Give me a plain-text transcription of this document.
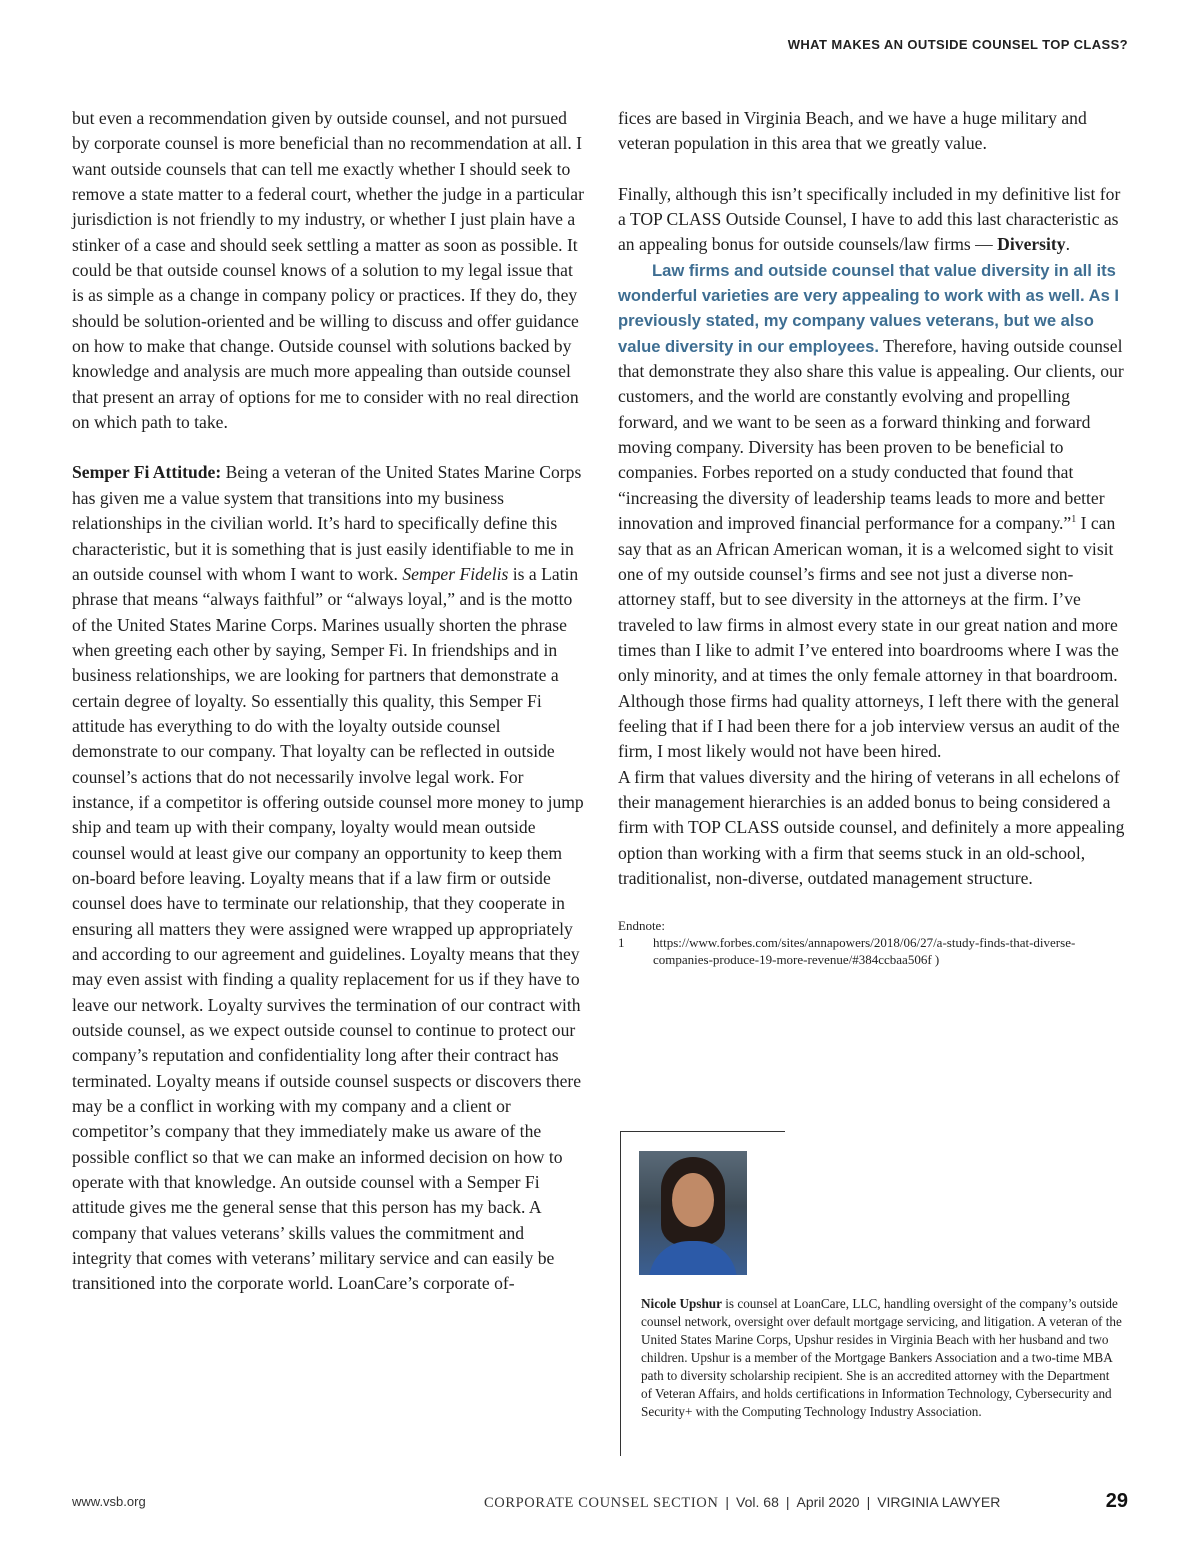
WHAT MAKES AN OUTSIDE COUNSEL TOP CLASS?

but even a recommendation given by outside counsel, and not pursued by corporate counsel is more beneficial than no recommendation at all. I want outside counsels that can tell me exactly whether I should seek to remove a state matter to a federal court, whether the judge in a particular jurisdiction is not friendly to my industry, or whether I just plain have a stinker of a case and should seek settling a matter as soon as possible. It could be that outside counsel knows of a solution to my legal issue that is as simple as a change in company policy or practices. If they do, they should be solution-oriented and be willing to discuss and offer guidance on how to make that change. Outside counsel with solutions backed by knowledge and analysis are much more appealing than outside counsel that present an array of options for me to consider with no real direction on which path to take.

Semper Fi Attitude: Being a veteran of the United States Marine Corps has given me a value system that transitions into my business relationships in the civilian world. It’s hard to specifically define this characteristic, but it is something that is just easily identifiable to me in an outside counsel with whom I want to work. Semper Fidelis is a Latin phrase that means “always faithful” or “always loyal,” and is the motto of the United States Marine Corps. Marines usually shorten the phrase when greeting each other by saying, Semper Fi. In friendships and in business relationships, we are looking for partners that demonstrate a certain degree of loyalty. So essentially this quality, this Semper Fi attitude has everything to do with the loyalty outside counsel demonstrate to our company. That loyalty can be reflected in outside counsel’s actions that do not necessarily involve legal work. For instance, if a competitor is offering outside counsel more money to jump ship and team up with their company, loyalty would mean outside counsel would at least give our company an opportunity to keep them on-board before leaving. Loyalty means that if a law firm or outside counsel does have to terminate our relationship, that they cooperate in ensuring all matters they were assigned were wrapped up appropriately and according to our agreement and guidelines. Loyalty means that they may even assist with finding a quality replacement for us if they have to leave our network. Loyalty survives the termination of our contract with outside counsel, as we expect outside counsel to continue to protect our company’s reputation and confidentiality long after their contract has terminated. Loyalty means if outside counsel suspects or discovers there may be a conflict in working with my company and a client or competitor’s company that they immediately make us aware of the possible conflict so that we can make an informed decision on how to operate with that knowledge. An outside counsel with a Semper Fi attitude gives me the general sense that this person has my back. A company that values veterans’ skills values the commitment and integrity that comes with veterans’ military service and can easily be transitioned into the corporate world. LoanCare’s corporate of-

fices are based in Virginia Beach, and we have a huge military and veteran population in this area that we greatly value.

Finally, although this isn’t specifically included in my definitive list for a TOP CLASS Outside Counsel, I have to add this last characteristic as an appealing bonus for outside counsels/law firms — Diversity.

Law firms and outside counsel that value diversity in all its wonderful varieties are very appealing to work with as well. As I previously stated, my company values veterans, but we also value diversity in our employees. Therefore, having outside counsel that demonstrate they also share this value is appealing. Our clients, our customers, and the world are constantly evolving and propelling forward, and we want to be seen as a forward thinking and forward moving company. Diversity has been proven to be beneficial to companies. Forbes reported on a study conducted that found that “increasing the diversity of leadership teams leads to more and better innovation and improved financial performance for a company.”$^1$ I can say that as an African American woman, it is a welcomed sight to visit one of my outside counsel’s firms and see not just a diverse non-attorney staff, but to see diversity in the attorneys at the firm. I’ve traveled to law firms in almost every state in our great nation and more times than I like to admit I’ve entered into boardrooms where I was the only minority, and at times the only female attorney in that boardroom. Although those firms had quality attorneys, I left there with the general feeling that if I had been there for a job interview versus an audit of the firm, I most likely would not have been hired.

A firm that values diversity and the hiring of veterans in all echelons of their management hierarchies is an added bonus to being considered a firm with TOP CLASS outside counsel, and definitely a more appealing option than working with a firm that seems stuck in an old-school, traditionalist, non-diverse, outdated management structure.

Endnote:
1	https://www.forbes.com/sites/annapowers/2018/06/27/a-study-finds-that-diverse-companies-produce-19-more-revenue/#384ccbaa506f )
Nicole Upshur is counsel at LoanCare, LLC, handling oversight of the company’s outside counsel network, oversight over default mortgage servicing, and litigation. A veteran of the United States Marine Corps, Upshur resides in Virginia Beach with her husband and two children. Upshur is a member of the Mortgage Bankers Association and a two-time MBA path to diversity scholarship recipient. She is an accredited attorney with the Department of Veteran Affairs, and holds certifications in Information Technology, Cybersecurity and Security+ with the Computing Technology Industry Association.
www.vsb.org	CORPORATE COUNSEL SECTION | Vol. 68 | April 2020 | VIRGINIA LAWYER	29
